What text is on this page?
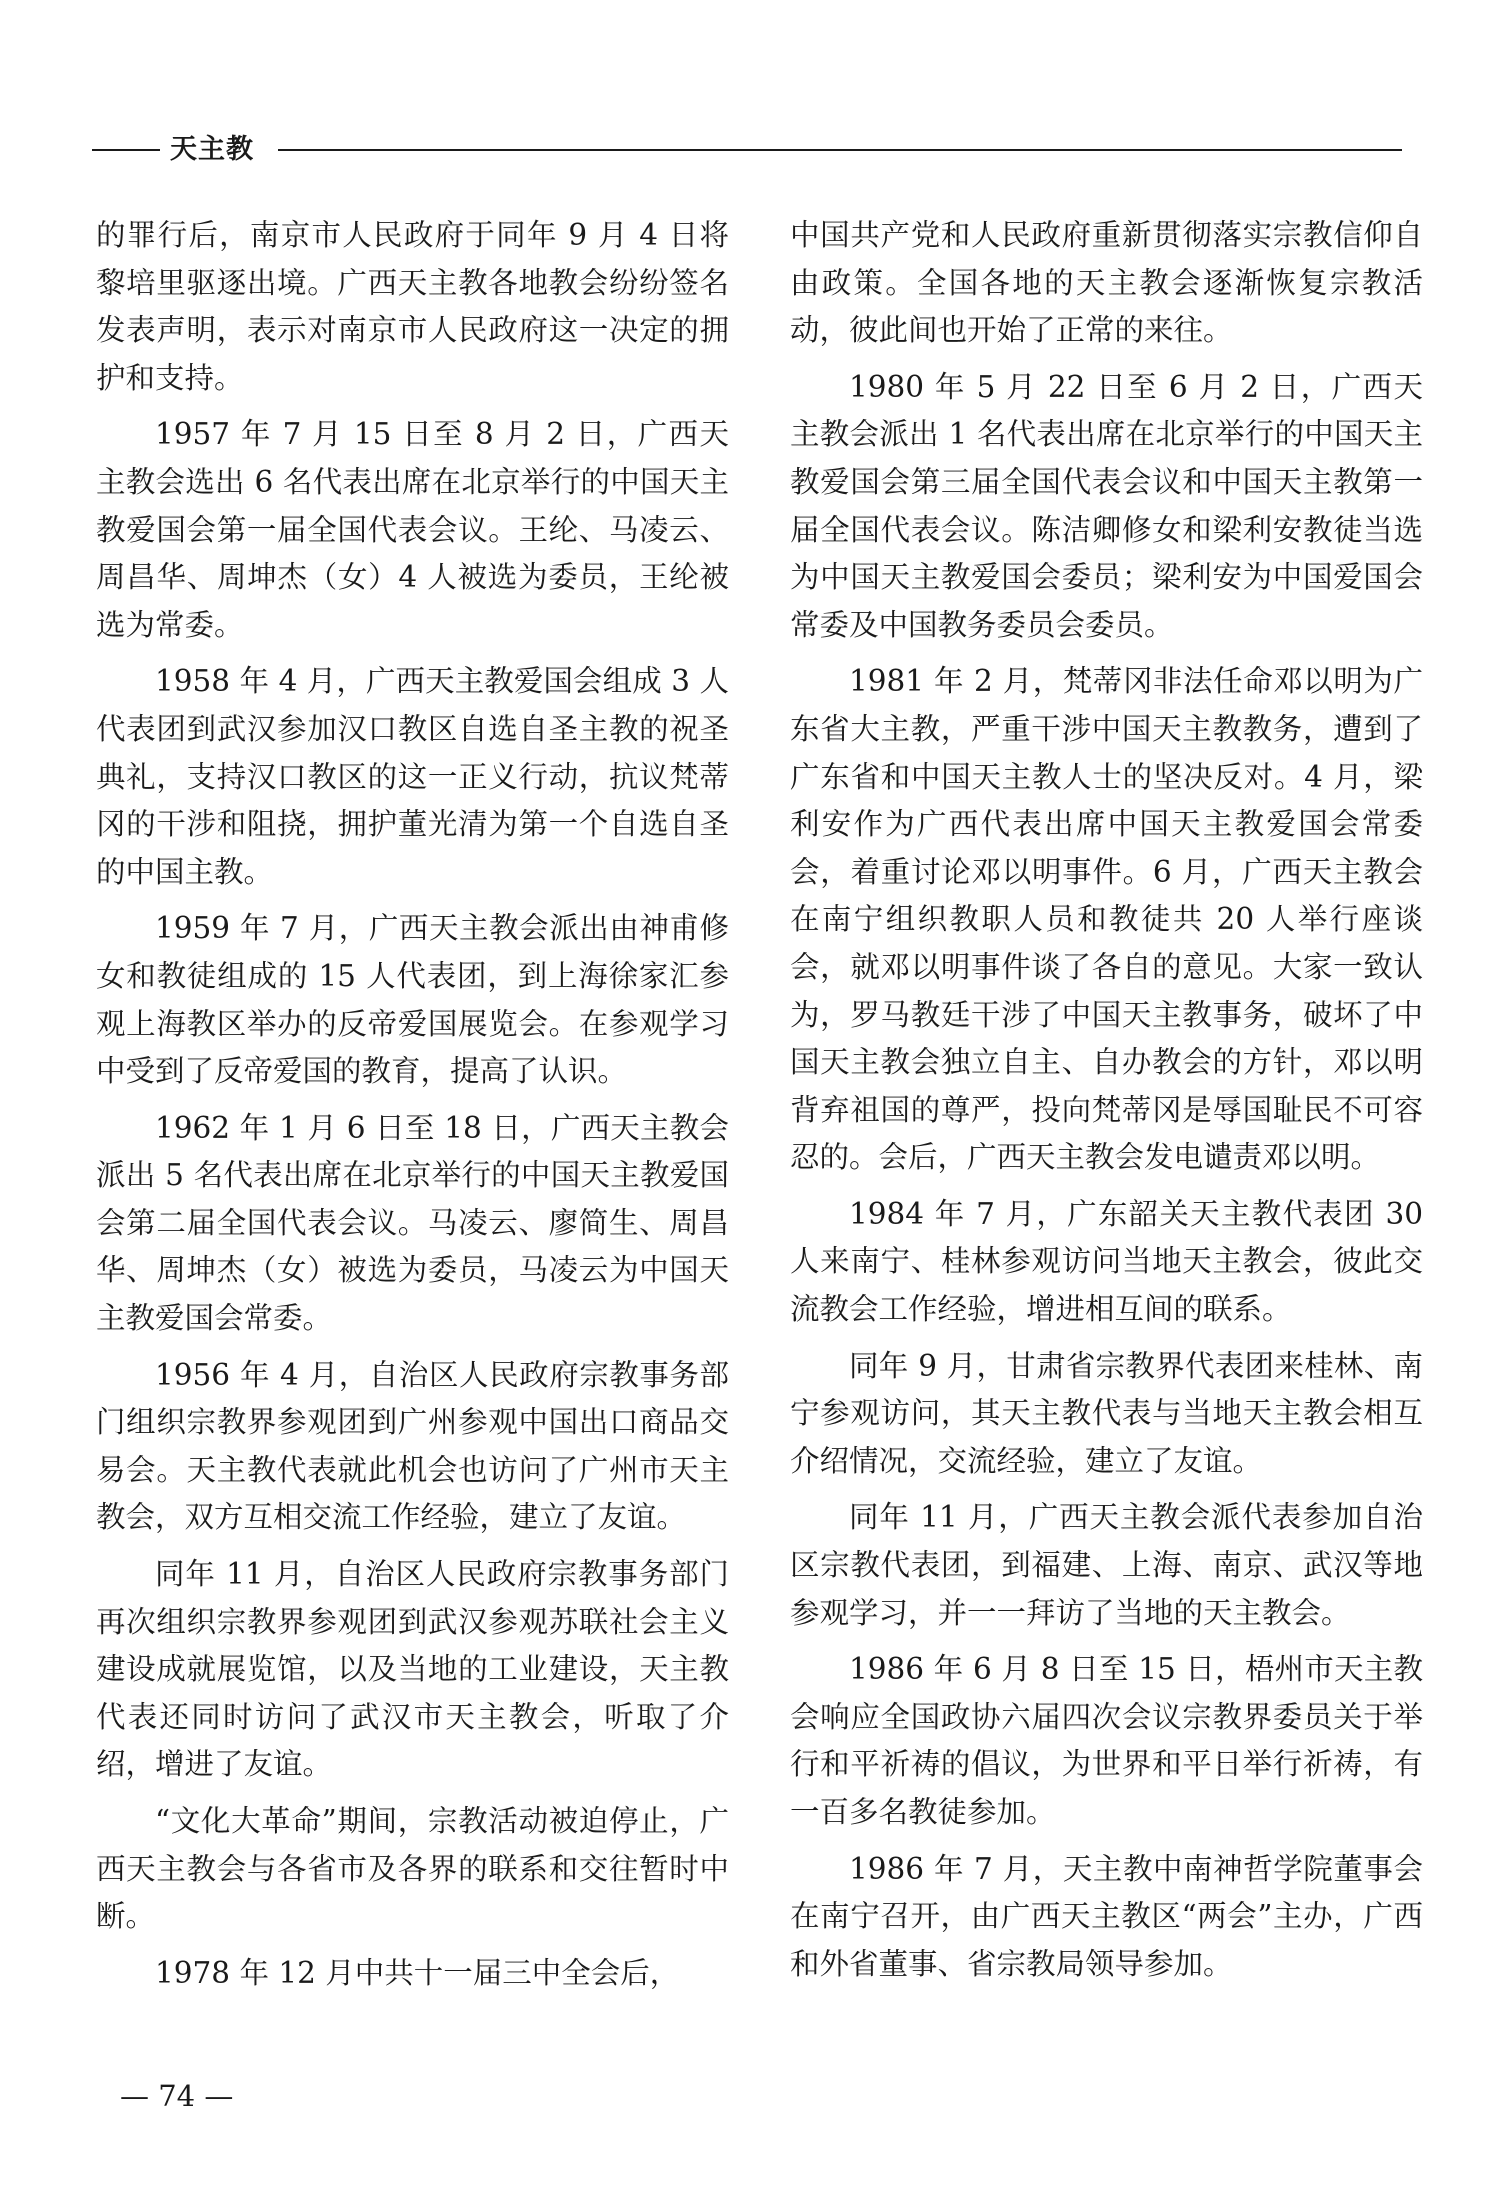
天主教

的罪行后，南京市人民政府于同年 9 月 4 日将黎培里驱逐出境。广西天主教各地教会纷纷签名发表声明，表示对南京市人民政府这一决定的拥护和支持。

1957 年 7 月 15 日至 8 月 2 日，广西天主教会选出 6 名代表出席在北京举行的中国天主教爱国会第一届全国代表会议。王纶、马凌云、周昌华、周坤杰（女）4 人被选为委员，王纶被选为常委。

1958 年 4 月，广西天主教爱国会组成 3 人代表团到武汉参加汉口教区自选自圣主教的祝圣典礼，支持汉口教区的这一正义行动，抗议梵蒂冈的干涉和阻挠，拥护董光清为第一个自选自圣的中国主教。

1959 年 7 月，广西天主教会派出由神甫修女和教徒组成的 15 人代表团，到上海徐家汇参观上海教区举办的反帝爱国展览会。在参观学习中受到了反帝爱国的教育，提高了认识。

1962 年 1 月 6 日至 18 日，广西天主教会派出 5 名代表出席在北京举行的中国天主教爱国会第二届全国代表会议。马凌云、廖简生、周昌华、周坤杰（女）被选为委员，马凌云为中国天主教爱国会常委。

1956 年 4 月，自治区人民政府宗教事务部门组织宗教界参观团到广州参观中国出口商品交易会。天主教代表就此机会也访问了广州市天主教会，双方互相交流工作经验，建立了友谊。

同年 11 月，自治区人民政府宗教事务部门再次组织宗教界参观团到武汉参观苏联社会主义建设成就展览馆，以及当地的工业建设，天主教代表还同时访问了武汉市天主教会，听取了介绍，增进了友谊。

“文化大革命”期间，宗教活动被迫停止，广西天主教会与各省市及各界的联系和交往暂时中断。

1978 年 12 月中共十一届三中全会后，

中国共产党和人民政府重新贯彻落实宗教信仰自由政策。全国各地的天主教会逐渐恢复宗教活动，彼此间也开始了正常的来往。

1980 年 5 月 22 日至 6 月 2 日，广西天主教会派出 1 名代表出席在北京举行的中国天主教爱国会第三届全国代表会议和中国天主教第一届全国代表会议。陈洁卿修女和梁利安教徒当选为中国天主教爱国会委员；梁利安为中国爱国会常委及中国教务委员会委员。

1981 年 2 月，梵蒂冈非法任命邓以明为广东省大主教，严重干涉中国天主教教务，遭到了广东省和中国天主教人士的坚决反对。4 月，梁利安作为广西代表出席中国天主教爱国会常委会，着重讨论邓以明事件。6 月，广西天主教会在南宁组织教职人员和教徒共 20 人举行座谈会，就邓以明事件谈了各自的意见。大家一致认为，罗马教廷干涉了中国天主教事务，破坏了中国天主教会独立自主、自办教会的方针，邓以明背弃祖国的尊严，投向梵蒂冈是辱国耻民不可容忍的。会后，广西天主教会发电谴责邓以明。

1984 年 7 月，广东韶关天主教代表团 30 人来南宁、桂林参观访问当地天主教会，彼此交流教会工作经验，增进相互间的联系。

同年 9 月，甘肃省宗教界代表团来桂林、南宁参观访问，其天主教代表与当地天主教会相互介绍情况，交流经验，建立了友谊。

同年 11 月，广西天主教会派代表参加自治区宗教代表团，到福建、上海、南京、武汉等地参观学习，并一一拜访了当地的天主教会。

1986 年 6 月 8 日至 15 日，梧州市天主教会响应全国政协六届四次会议宗教界委员关于举行和平祈祷的倡议，为世界和平日举行祈祷，有一百多名教徒参加。

1986 年 7 月，天主教中南神哲学院董事会在南宁召开，由广西天主教区“两会”主办，广西和外省董事、省宗教局领导参加。

— 74 —
